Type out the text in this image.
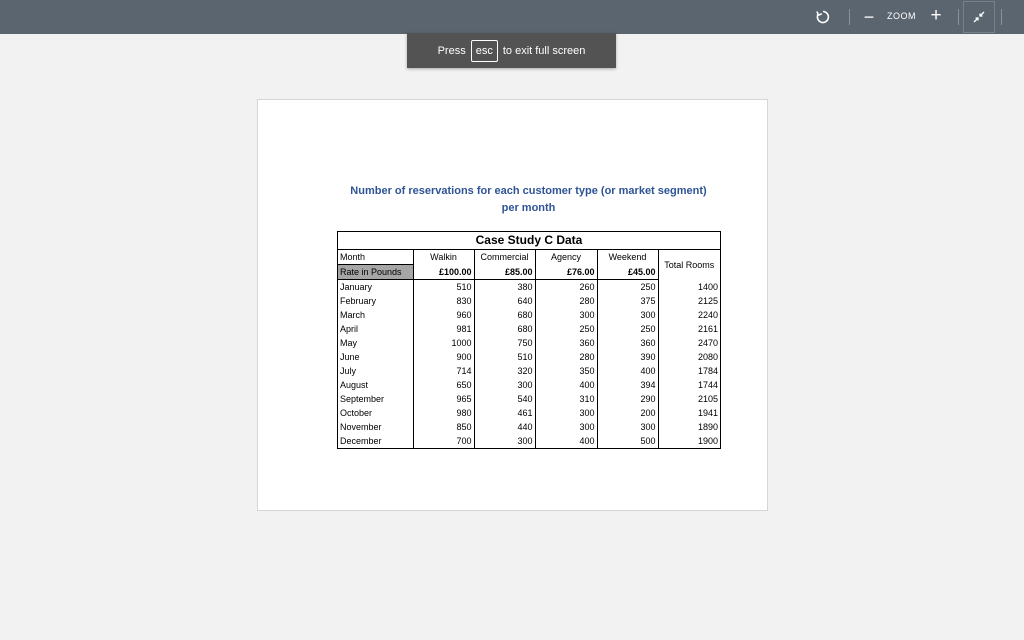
−	ZOOM +
Press esc to exit full screen
Number of reservations for each customer type (or market segment)
per month
Case Study C Data
Month	Walkin	Commercial	Agency	Weekend	Total Rooms
Rate in Pounds	£100.00	£85.00	£76.00	£45.00	
January	510	380	260	250	1400
February	830	640	280	375	2125
March	960	680	300	300	2240
April	981	680	250	250	2161
May	1000	750	360	360	2470
June	900	510	280	390	2080
July	714	320	350	400	1784
August	650	300	400	394	1744
September	965	540	310	290	2105
October	980	461	300	200	1941
November	850	440	300	300	1890
December	700	300	400	500	1900
